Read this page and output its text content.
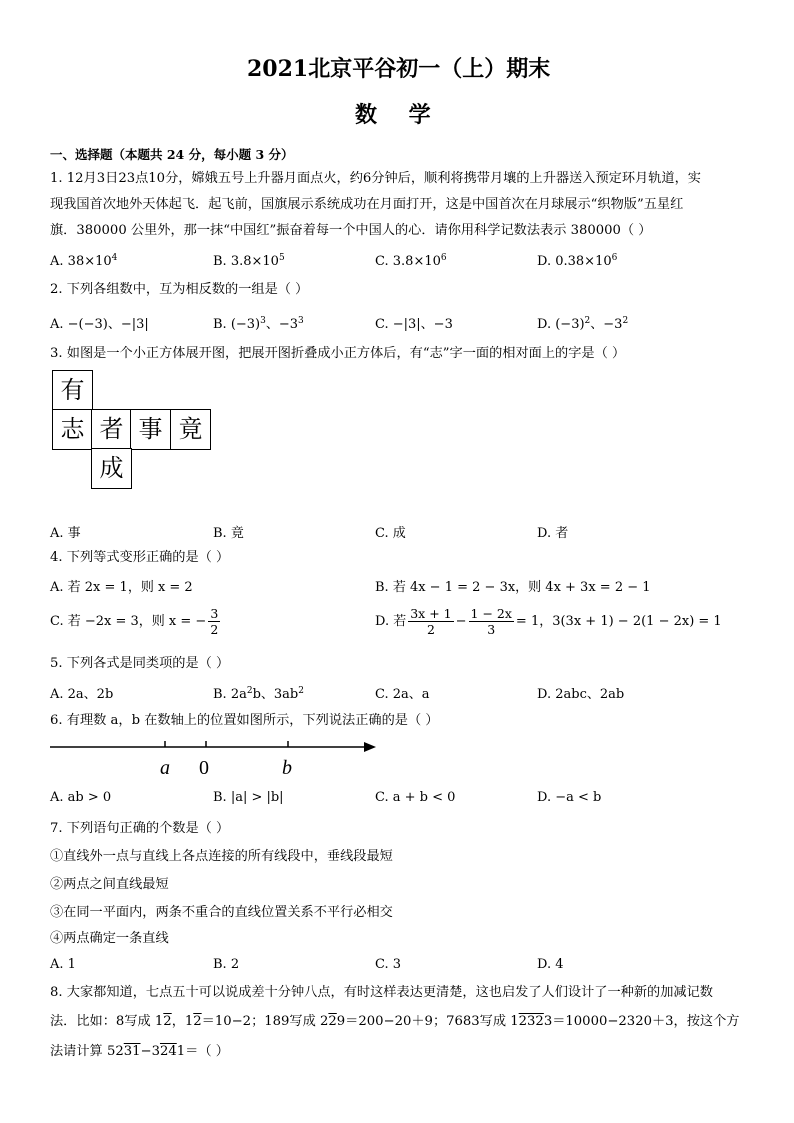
2021北京平谷初一（上）期末
数 学
一、选择题（本题共 24 分，每小题 3 分）
1. 12月3日23点10分，嫦娥五号上升器月面点火，约6分钟后，顺利将携带月壤的上升器送入预定环月轨道，实
现我国首次地外天体起飞．起飞前，国旗展示系统成功在月面打开，这是中国首次在月球展示“织物版”五星红
旗．380000 公里外，那一抹“中国红”振奋着每一个中国人的心．请你用科学记数法表示 380000（ ）
A. $38\times 10^4$	B. $3.8\times 10^5$	C. $3.8\times 10^6$	D. $0.38\times 10^6$
2. 下列各组数中，互为相反数的一组是（ ）
A. −(−3)、−|3|	B. $(-3)^3$、$-3^3$	C. −|3|、−3	D. $(-3)^2$、$-3^2$
3. 如图是一个小正方体展开图，把展开图折叠成小正方体后，有“志”字一面的相对面上的字是（ ）
有
志 者 事 竟
成
A. 事	B. 竟	C. 成	D. 者
4. 下列等式变形正确的是（ ）
A. 若 2x = 1，则 x = 2	B. 若 4x − 1 = 2 − 3x，则 4x + 3x = 2 − 1
C. 若 −2x = 3，则 x = − $\frac{3}{2}$	D. 若 $\frac{3x + 1}{2} - \frac{1 - 2x}{3} = 1$，3(3x + 1) − 2(1 − 2x) = 1
5. 下列各式是同类项的是（ ）
A. 2a、2b	B. $2a^2b$、$3ab^2$	C. 2a、a	D. 2abc、2ab
6. 有理数 a，b 在数轴上的位置如图所示，下列说法正确的是（ ）
a 0	b
A. ab > 0	B. |a| > |b|	C. a + b < 0	D. −a < b
7. 下列语句正确的个数是（ ）
①直线外一点与直线上各点连接的所有线段中，垂线段最短
②两点之间直线最短
③在同一平面内，两条不重合的直线位置关系不平行必相交
④两点确定一条直线
A. 1	B. 2	C. 3	D. 4
8. 大家都知道，七点五十可以说成差十分钟八点，有时这样表达更清楚，这也启发了人们设计了一种新的加减记数
法．比如：8写成 12，12＝10−2；189写成 229＝200−20＋9；7683写成 12323＝10000−2320＋3，按这个方
法请计算 5231−3241＝（ ）
